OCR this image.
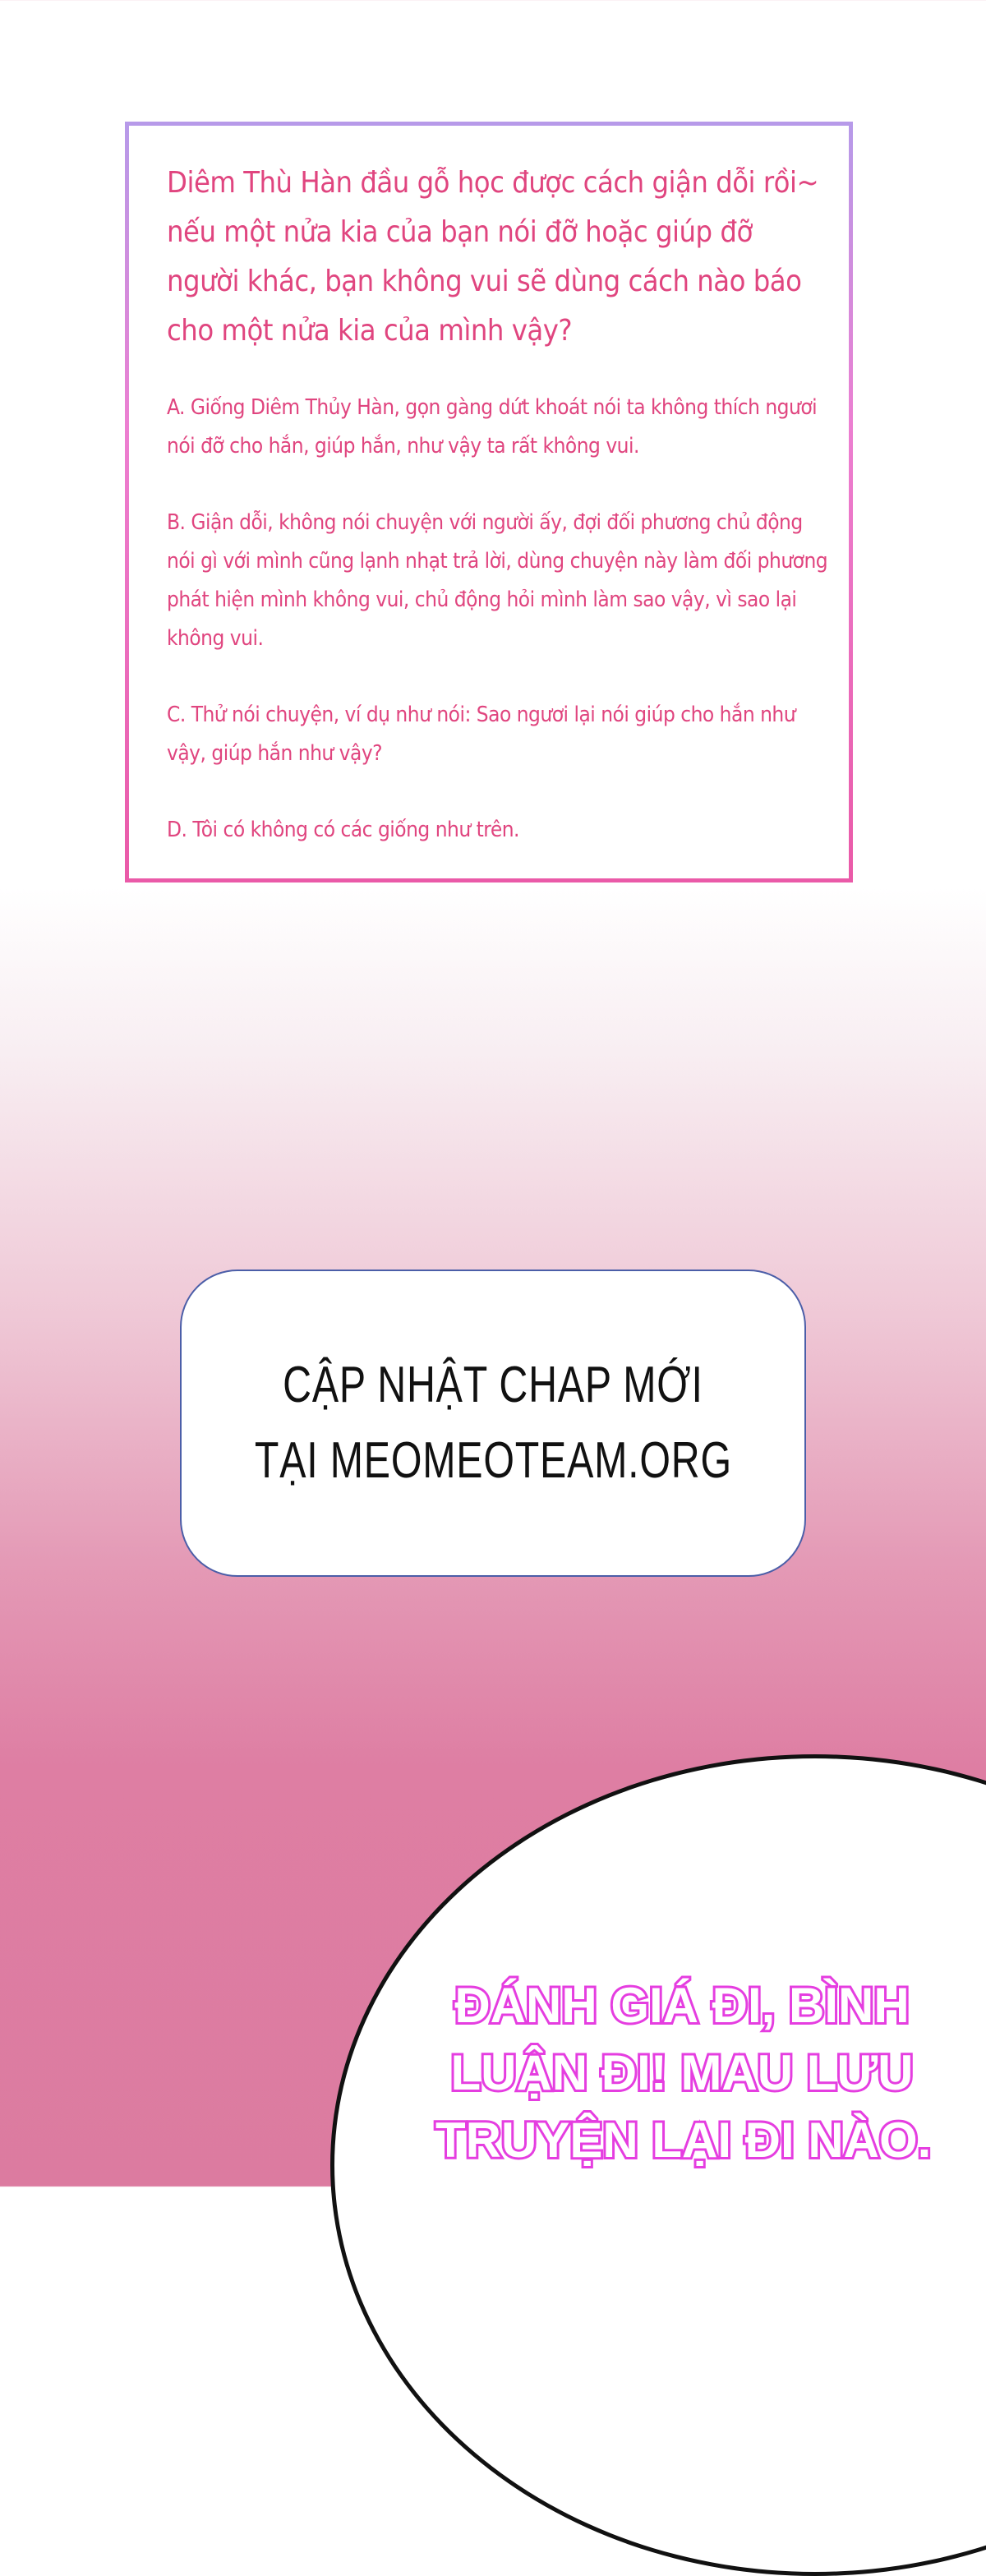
Diêm Thù Hàn đầu gỗ học được cách giận dỗi rồi~ nếu một nửa kia của bạn nói đỡ hoặc giúp đỡ người khác, bạn không vui sẽ dùng cách nào báo cho một nửa kia của mình vậy?

A. Giống Diêm Thủy Hàn, gọn gàng dứt khoát nói ta không thích ngươi nói đỡ cho hắn, giúp hắn, như vậy ta rất không vui.

B. Giận dỗi, không nói chuyện với người ấy, đợi đối phương chủ động nói gì với mình cũng lạnh nhạt trả lời, dùng chuyện này làm đối phương phát hiện mình không vui, chủ động hỏi mình làm sao vậy, vì sao lại không vui.

C. Thử nói chuyện, ví dụ như nói: Sao ngươi lại nói giúp cho hắn như vậy, giúp hắn như vậy?

D. Tôi có không có các giống như trên.

CẬP NHẬT CHAP MỚI
TẠI MEOMEOTEAM.ORG
ĐÁNH GIÁ ĐI, BÌNH
LUẬN ĐI! MAU LƯU
TRUYỆN LẠI ĐI NÀO.
